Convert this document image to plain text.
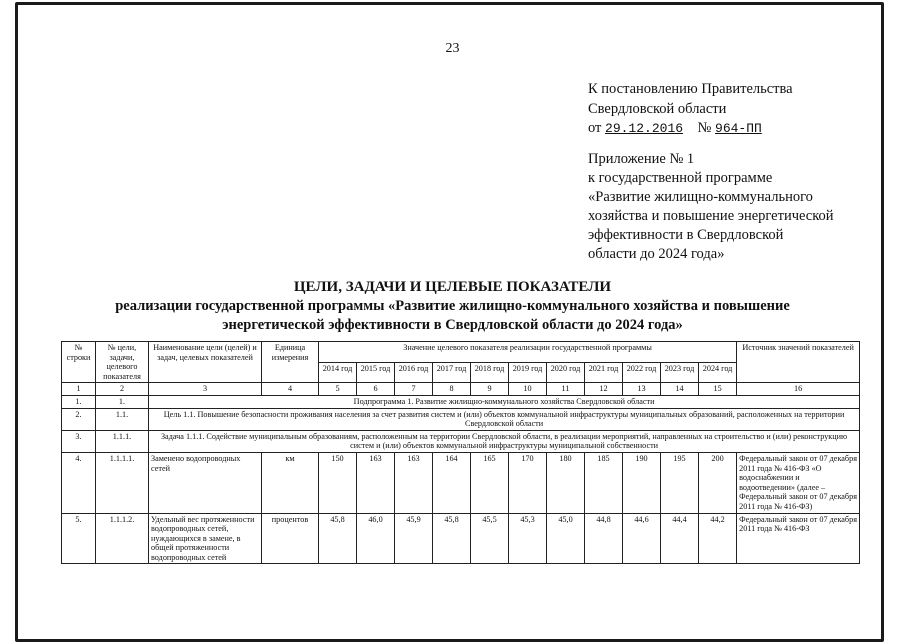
23
К постановлению Правительства
Свердловской области
от 29.12.2016 № 964-ПП
Приложение № 1
к государственной программе
«Развитие жилищно-коммунального
хозяйства и повышение энергетической
эффективности в Свердловской
области до 2024 года»
ЦЕЛИ, ЗАДАЧИ И ЦЕЛЕВЫЕ ПОКАЗАТЕЛИ
реализации государственной программы «Развитие жилищно-коммунального хозяйства и повышение
энергетической эффективности в Свердловской области до 2024 года»
№ строки	№ цели, задачи, целевого показателя	Наименование цели (целей) и задач, целевых показателей	Единица измерения	Значение целевого показателя реализации государственной программы											Источник значений показателей
				2014 год	2015 год	2016 год	2017 год	2018 год	2019 год	2020 год	2021 год	2022 год	2023 год	2024 год	
1	2	3	4	5	6	7	8	9	10	11	12	13	14	15	16
1.	1.	Подпрограмма 1. Развитие жилищно-коммунального хозяйства Свердловской области													
2.	1.1.	Цель 1.1. Повышение безопасности проживания населения за счет развития систем и (или) объектов коммунальной инфраструктуры муниципальных образований, расположенных на территории Свердловской области													
3.	1.1.1.	Задача 1.1.1. Содействие муниципальным образованиям, расположенным на территории Свердловской области, в реализации мероприятий, направленных на строительство и (или) реконструкцию систем и (или) объектов коммунальной инфраструктуры муниципальной собственности													
4.	1.1.1.1.	Заменено водопроводных сетей	км	150	163	163	164	165	170	180	185	190	195	200	Федеральный закон от 07 декабря 2011 года № 416-ФЗ «О водоснабжении и водоотведении» (далее – Федеральный закон от 07 декабря 2011 года № 416-ФЗ)
5.	1.1.1.2.	Удельный вес протяженности водопроводных сетей, нуждающихся в замене, в общей протяженности водопроводных сетей	процентов	45,8	46,0	45,9	45,8	45,5	45,3	45,0	44,8	44,6	44,4	44,2	Федеральный закон от 07 декабря 2011 года № 416-ФЗ
